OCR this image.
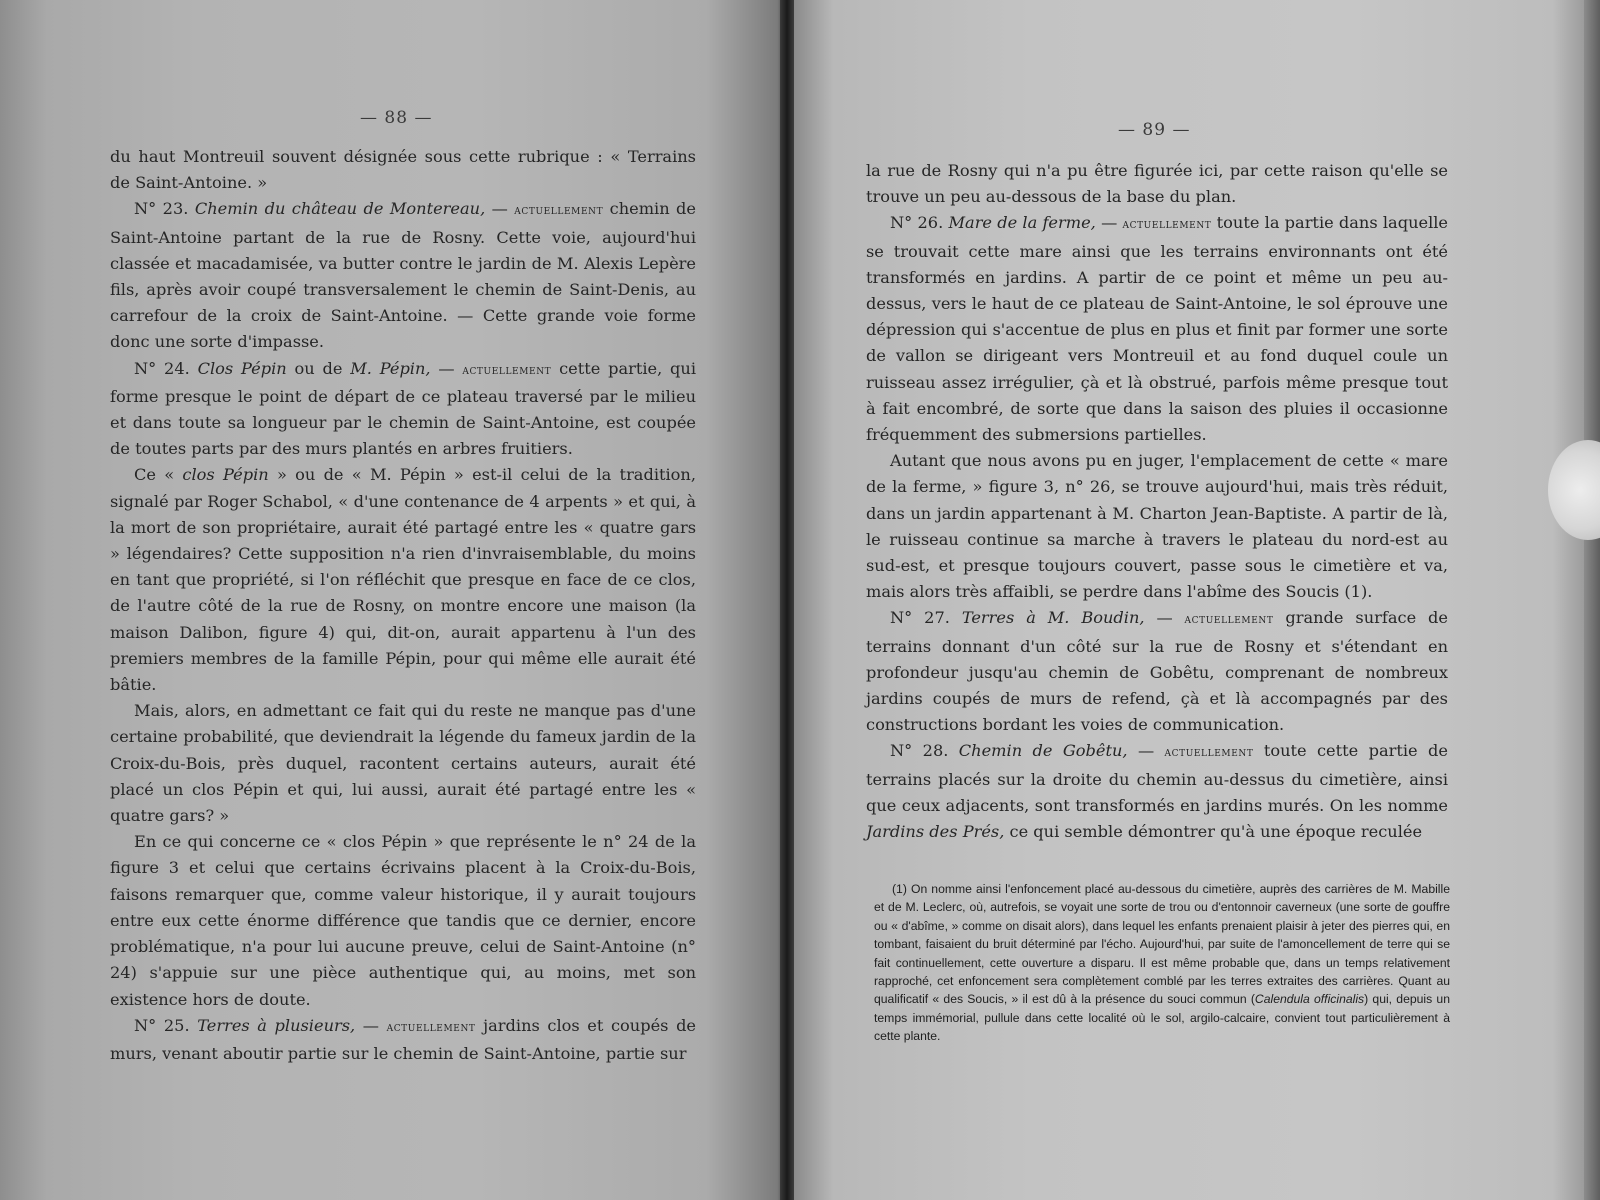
— 88 —

du haut Montreuil souvent désignée sous cette rubrique : « Terrains de Saint-Antoine. »

N° 23. Chemin du château de Montereau, — actuellement chemin de Saint-Antoine partant de la rue de Rosny. Cette voie, aujourd'hui classée et macadamisée, va butter contre le jardin de M. Alexis Lepère fils, après avoir coupé transversalement le chemin de Saint-Denis, au carrefour de la croix de Saint-Antoine. — Cette grande voie forme donc une sorte d'impasse.

N° 24. Clos Pépin ou de M. Pépin, — actuellement cette partie, qui forme presque le point de départ de ce plateau traversé par le milieu et dans toute sa longueur par le chemin de Saint-Antoine, est coupée de toutes parts par des murs plantés en arbres fruitiers.

Ce « clos Pépin » ou de « M. Pépin » est-il celui de la tradition, signalé par Roger Schabol, « d'une contenance de 4 arpents » et qui, à la mort de son propriétaire, aurait été partagé entre les « quatre gars » légendaires? Cette supposition n'a rien d'invraisemblable, du moins en tant que propriété, si l'on réfléchit que presque en face de ce clos, de l'autre côté de la rue de Rosny, on montre encore une maison (la maison Dalibon, figure 4) qui, dit-on, aurait appartenu à l'un des premiers membres de la famille Pépin, pour qui même elle aurait été bâtie.

Mais, alors, en admettant ce fait qui du reste ne manque pas d'une certaine probabilité, que deviendrait la légende du fameux jardin de la Croix-du-Bois, près duquel, racontent certains auteurs, aurait été placé un clos Pépin et qui, lui aussi, aurait été partagé entre les « quatre gars? »

En ce qui concerne ce « clos Pépin » que représente le n° 24 de la figure 3 et celui que certains écrivains placent à la Croix-du-Bois, faisons remarquer que, comme valeur historique, il y aurait toujours entre eux cette énorme différence que tandis que ce dernier, encore problématique, n'a pour lui aucune preuve, celui de Saint-Antoine (n° 24) s'appuie sur une pièce authentique qui, au moins, met son existence hors de doute.

N° 25. Terres à plusieurs, — actuellement jardins clos et coupés de murs, venant aboutir partie sur le chemin de Saint-Antoine, partie sur

— 89 —

la rue de Rosny qui n'a pu être figurée ici, par cette raison qu'elle se trouve un peu au-dessous de la base du plan.

N° 26. Mare de la ferme, — actuellement toute la partie dans laquelle se trouvait cette mare ainsi que les terrains environnants ont été transformés en jardins. A partir de ce point et même un peu au-dessus, vers le haut de ce plateau de Saint-Antoine, le sol éprouve une dépression qui s'accentue de plus en plus et finit par former une sorte de vallon se dirigeant vers Montreuil et au fond duquel coule un ruisseau assez irrégulier, çà et là obstrué, parfois même presque tout à fait encombré, de sorte que dans la saison des pluies il occasionne fréquemment des submersions partielles.

Autant que nous avons pu en juger, l'emplacement de cette « mare de la ferme, » figure 3, n° 26, se trouve aujourd'hui, mais très réduit, dans un jardin appartenant à M. Charton Jean-Baptiste. A partir de là, le ruisseau continue sa marche à travers le plateau du nord-est au sud-est, et presque toujours couvert, passe sous le cimetière et va, mais alors très affaibli, se perdre dans l'abîme des Soucis (1).

N° 27. Terres à M. Boudin, — actuellement grande surface de terrains donnant d'un côté sur la rue de Rosny et s'étendant en profondeur jusqu'au chemin de Gobêtu, comprenant de nombreux jardins coupés de murs de refend, çà et là accompagnés par des constructions bordant les voies de communication.

N° 28. Chemin de Gobêtu, — actuellement toute cette partie de terrains placés sur la droite du chemin au-dessus du cimetière, ainsi que ceux adjacents, sont transformés en jardins murés. On les nomme Jardins des Prés, ce qui semble démontrer qu'à une époque reculée

(1) On nomme ainsi l'enfoncement placé au-dessous du cimetière, auprès des carrières de M. Mabille et de M. Leclerc, où, autrefois, se voyait une sorte de trou ou d'entonnoir caverneux (une sorte de gouffre ou « d'abîme, » comme on disait alors), dans lequel les enfants prenaient plaisir à jeter des pierres qui, en tombant, faisaient du bruit déterminé par l'écho. Aujourd'hui, par suite de l'amoncellement de terre qui se fait continuellement, cette ouverture a disparu. Il est même probable que, dans un temps relativement rapproché, cet enfoncement sera complètement comblé par les terres extraites des carrières. Quant au qualificatif « des Soucis, » il est dû à la présence du souci commun (Calendula officinalis) qui, depuis un temps immémorial, pullule dans cette localité où le sol, argilo-calcaire, convient tout particulièrement à cette plante.
